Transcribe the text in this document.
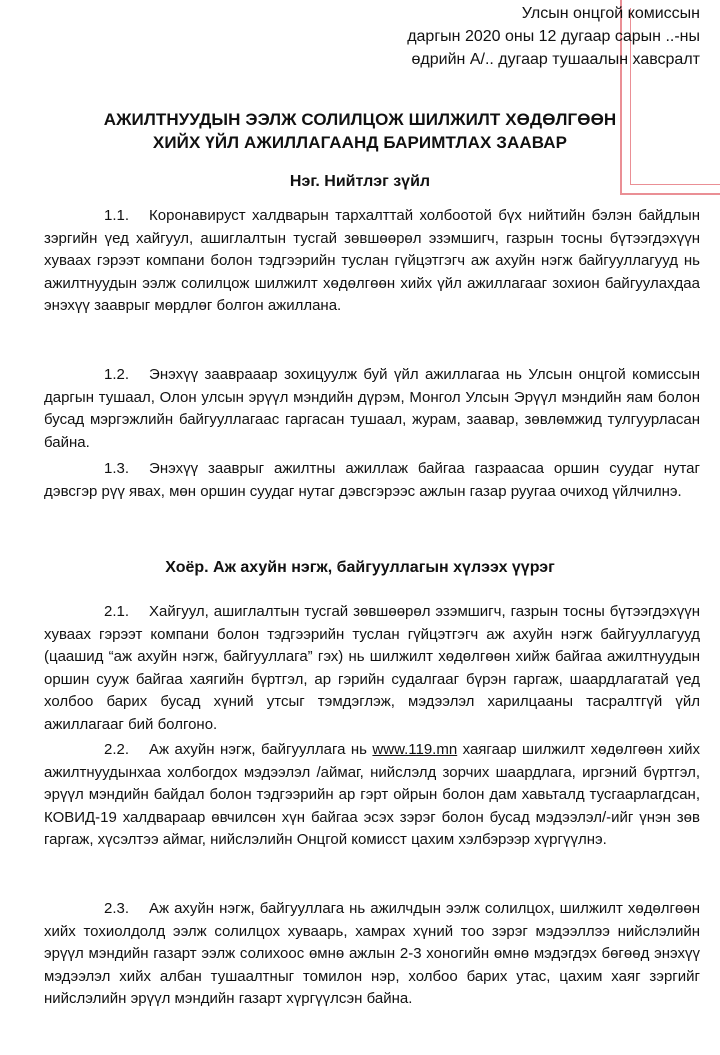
Улсын онцгой комиссын
даргын 2020 оны 12 дугаар сарын ..-ны
өдрийн А/.. дугаар тушаалын хавсралт
АЖИЛТНУУДЫН ЭЭЛЖ СОЛИЛЦОЖ ШИЛЖИЛТ ХӨДӨЛГӨӨН
ХИЙХ ҮЙЛ АЖИЛЛАГААНД БАРИМТЛАХ ЗААВАР
Нэг. Нийтлэг зүйл
1.1. Коронавируст халдварын тархалттай холбоотой бүх нийтийн бэлэн байдлын зэргийн үед хайгуул, ашиглалтын тусгай зөвшөөрөл эзэмшигч, газрын тосны бүтээгдэхүүн хуваах гэрээт компани болон тэдгээрийн туслан гүйцэтгэгч аж ахуйн нэгж байгууллагууд нь ажилтнуудын ээлж солилцож шилжилт хөдөлгөөн хийх үйл ажиллагааг зохион байгуулахдаа энэхүү зааврыг мөрдлөг болгон ажиллана.
1.2. Энэхүү зааврааар зохицуулж буй үйл ажиллагаа нь Улсын онцгой комиссын даргын тушаал, Олон улсын эрүүл мэндийн дүрэм, Монгол Улсын Эрүүл мэндийн яам болон бусад мэргэжлийн байгууллагаас гаргасан тушаал, журам, заавар, зөвлөмжид тулгуурласан байна.
1.3. Энэхүү зааврыг ажилтны ажиллаж байгаа газраасаа оршин суудаг нутаг дэвсгэр рүү явах, мөн оршин суудаг нутаг дэвсгэрээс ажлын газар руугаа очиход үйлчилнэ.
Хоёр. Аж ахуйн нэгж, байгууллагын хүлээх үүрэг
2.1. Хайгуул, ашиглалтын тусгай зөвшөөрөл эзэмшигч, газрын тосны бүтээгдэхүүн хуваах гэрээт компани болон тэдгээрийн туслан гүйцэтгэгч аж ахуйн нэгж байгууллагууд (цаашид “аж ахуйн нэгж, байгууллага” гэх) нь шилжилт хөдөлгөөн хийж байгаа ажилтнуудын оршин сууж байгаа хаягийн бүртгэл, ар гэрийн судалгааг бүрэн гаргаж, шаардлагатай үед холбоо барих бусад хүний утсыг тэмдэглэж, мэдээлэл харилцааны тасралтгүй үйл ажиллагааг бий болгоно.
2.2. Аж ахуйн нэгж, байгууллага нь www.119.mn хаягаар шилжилт хөдөлгөөн хийх ажилтнуудынхаа холбогдох мэдээлэл /аймаг, нийслэлд зорчих шаардлага, иргэний бүртгэл, эрүүл мэндийн байдал болон тэдгээрийн ар гэрт ойрын болон дам хавьталд тусгаарлагдсан, КОВИД-19 халдвараар өвчилсөн хүн байгаа эсэх зэрэг болон бусад мэдээлэл/-ийг үнэн зөв гаргаж, хүсэлтээ аймаг, нийслэлийн Онцгой комисст цахим хэлбэрээр хүргүүлнэ.
2.3. Аж ахуйн нэгж, байгууллага нь ажилчдын ээлж солилцох, шилжилт хөдөлгөөн хийх тохиолдолд ээлж солилцох хуваарь, хамрах хүний тоо зэрэг мэдээллээ нийслэлийн эрүүл мэндийн газарт ээлж солихоос өмнө ажлын 2-3 хоногийн өмнө мэдэгдэх бөгөөд энэхүү мэдээлэл хийх албан тушаалтныг томилон нэр, холбоо барих утас, цахим хаяг зэргийг нийслэлийн эрүүл мэндийн газарт хүргүүлсэн байна.
